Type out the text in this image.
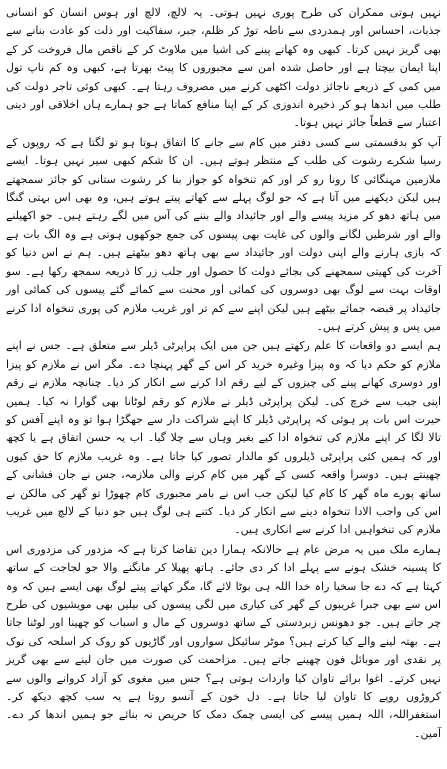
نہیں ہوتی ممکران کی طرح پوری نہیں ہوتی۔ یہ لالچ، لالچ اور ہوس انسان کو انسانی جذبات، احساس اور ہمدردی سے ناطہ توڑ کر ظلم، جبر، سفاکیت اور ذلت کو عادت بنانے سے بھی گریز نہیں کرتا۔ کبھی وہ کھانے پینے کی اشیا میں ملاوٹ کر کے ناقص مال فروخت کر کے اپنا ایمان بیچتا ہے اور حاصل شدہ امن سے مجبوروں کا پیٹ بھرتا ہے، کبھی وہ کم ناپ تول میں کمی کے ذریعے ناجائز دولت اکٹھی کرنے میں مصروف رہتا ہے۔ کبھی کوئی تاجر دولت کی طلب میں اندھا ہو کر ذخیرہ اندوزی کر کے اپنا منافع کماتا ہے جو ہمارے ہاں اخلاقی اور دینی اعتبار سے قطعاً جائز نہیں ہوتا۔

آپ کو بدقسمتی سے کسی دفتر میں کام سے جانے کا اتفاق ہوتا ہو تو لگتا ہے کہ روپوں کے رسیا شکرے رشوت کی طلب کے منتظر ہوتے ہیں۔ ان کا شکم کبھی سیر نہیں ہوتا۔ ایسے ملازمین مہنگائی کا رونا رو کر اور کم تنخواہ کو جواز بنا کر رشوت ستانی کو جائز سمجھتے ہیں لیکن دیکھنے میں آتا ہے کہ جو لوگ پہلے سے کھاتے پیتے ہوتے ہیں، وہ بھی اس بہتی گنگا میں ہاتھ دھو کر مزید پیسے والے اور جائیداد والے بننے کی آس میں لگے رہتے ہیں۔ جو اکھیلنے والے اور شرطیں لگانے والوں کی غایت بھی پیسوں کی جمع جوکھوں ہوتی ہے وہ الگ بات ہے کہ بازی ہارنے والے اپنی دولت اور جائیداد سے بھی ہاتھ دھو بیٹھتے ہیں۔ ہم نے اس دنیا کو آخرت کی کھیتی سمجھنے کی بجائے دولت کا حصول اور جلب زر کا ذریعہ سمجھ رکھا ہے۔ سو اوقات بہت سے لوگ بھی دوسروں کی کمائی اور محنت سے کمائے گئے پیسوں کی کمائی اور جائیداد پر قبضہ جمائے بیٹھے ہیں لیکن اپنے سے کم تر اور غریب ملازم کی پوری تنخواہ ادا کرنے میں پس و پیش کرتے ہیں۔

ہم ایسے دو واقعات کا علم رکھتے ہیں جن میں ایک پراپرٹی ڈیلر سے متعلق ہے۔ جس نے اپنے ملازم کو حکم دیا کہ وہ پیزا وغیرہ خرید کر اس کے گھر پہنچا دے۔ مگر اس نے ملازم کو پیزا اور دوسری کھانے پینے کی چیزوں کے لیے رقم ادا کرنے سے انکار کر دیا۔ چنانچہ ملازم نے رقم اپنی جیب سے خرچ کی۔ لیکن پراپرٹی ڈیلر نے ملازم کو رقم لوٹانا بھی گوارا نہ کیا۔ ہمیں حیرت اس بات پر ہوئی کہ پراپرٹی ڈیلر کا اپنے شراکت دار سے جھگڑا ہوا تو وہ اپنے آفس کو تالا لگا کر اپنے ملازم کی تنخواہ ادا کیے بغیر وہاں سے چلا گیا۔ اب یہ حسن اتفاق ہے یا کچھ اور کہ ہمیں کئی پراپرٹی ڈیلروں کو مالدار تصور کیا جاتا ہے۔ وہ غریب ملازم کا حق کیوں چھینتے ہیں۔ دوسرا واقعہ کسی کے گھر میں کام کرنے والی ملازمہ، جس نے جان فشانی کے ساتھ پورے ماہ گھر کا کام کیا لیکن جب اس نے بامر مجبوری کام چھوڑا تو گھر کی مالکن نے اس کی واجب الادا تنخواہ دینے سے انکار کر دیا۔ کتنے ہی لوگ ہیں جو دنیا کے لالچ میں غریب ملازم کی تنخواہیں ادا کرنے سے انکاری ہیں۔

ہمارے ملک میں یہ مرض عام ہے حالانکہ ہمارا دین تقاضا کرتا ہے کہ مزدور کی مزدوری اس کا پسینہ خشک ہونے سے پہلے ادا کر دی جائے۔ ہاتھ پھیلا کر مانگنے والا جو لجاجت کے ساتھ کہتا ہے کہ دے جا سخیا راہ خدا اللہ ہی بوٹا لائے گا، مگر کھاتے پیتے لوگ بھی ایسے ہیں کہ وہ اس سے بھی جبرا غریبوں کے گھر کی کیاری میں لگی پیسوں کی بیلیں بھی مویشیوں کی طرح چر جاتے ہیں۔ جو دھونس زبردستی کے ساتھ دوسروں کے مال و اسباب کو چھینا اور لوٹنا جاتا ہے۔ بھتہ لینے والے کیا کرتے ہیں؟ موٹر سائیکل سواروں اور گاڑیوں کو روک کر اسلحہ کی نوک پر نقدی اور موبائل فون چھینے جاتے ہیں۔ مزاحمت کی صورت میں جان لینے سے بھی گریز نہیں کرتے۔ اغوا برائے تاوان کیا واردات ہوتی ہے؟ جس میں مغوی کو آزاد کروانے والوں سے کروڑوں روپے کا تاوان لیا جاتا ہے۔ دل خون کے آنسو روتا ہے یہ سب کچھ دیکھ کر۔ استغفراللہ، اللہ ہمیں پیسے کی ایسی چمک دمک کا حریص نہ بنائے جو ہمیں اندھا کر دے۔ آمین۔
